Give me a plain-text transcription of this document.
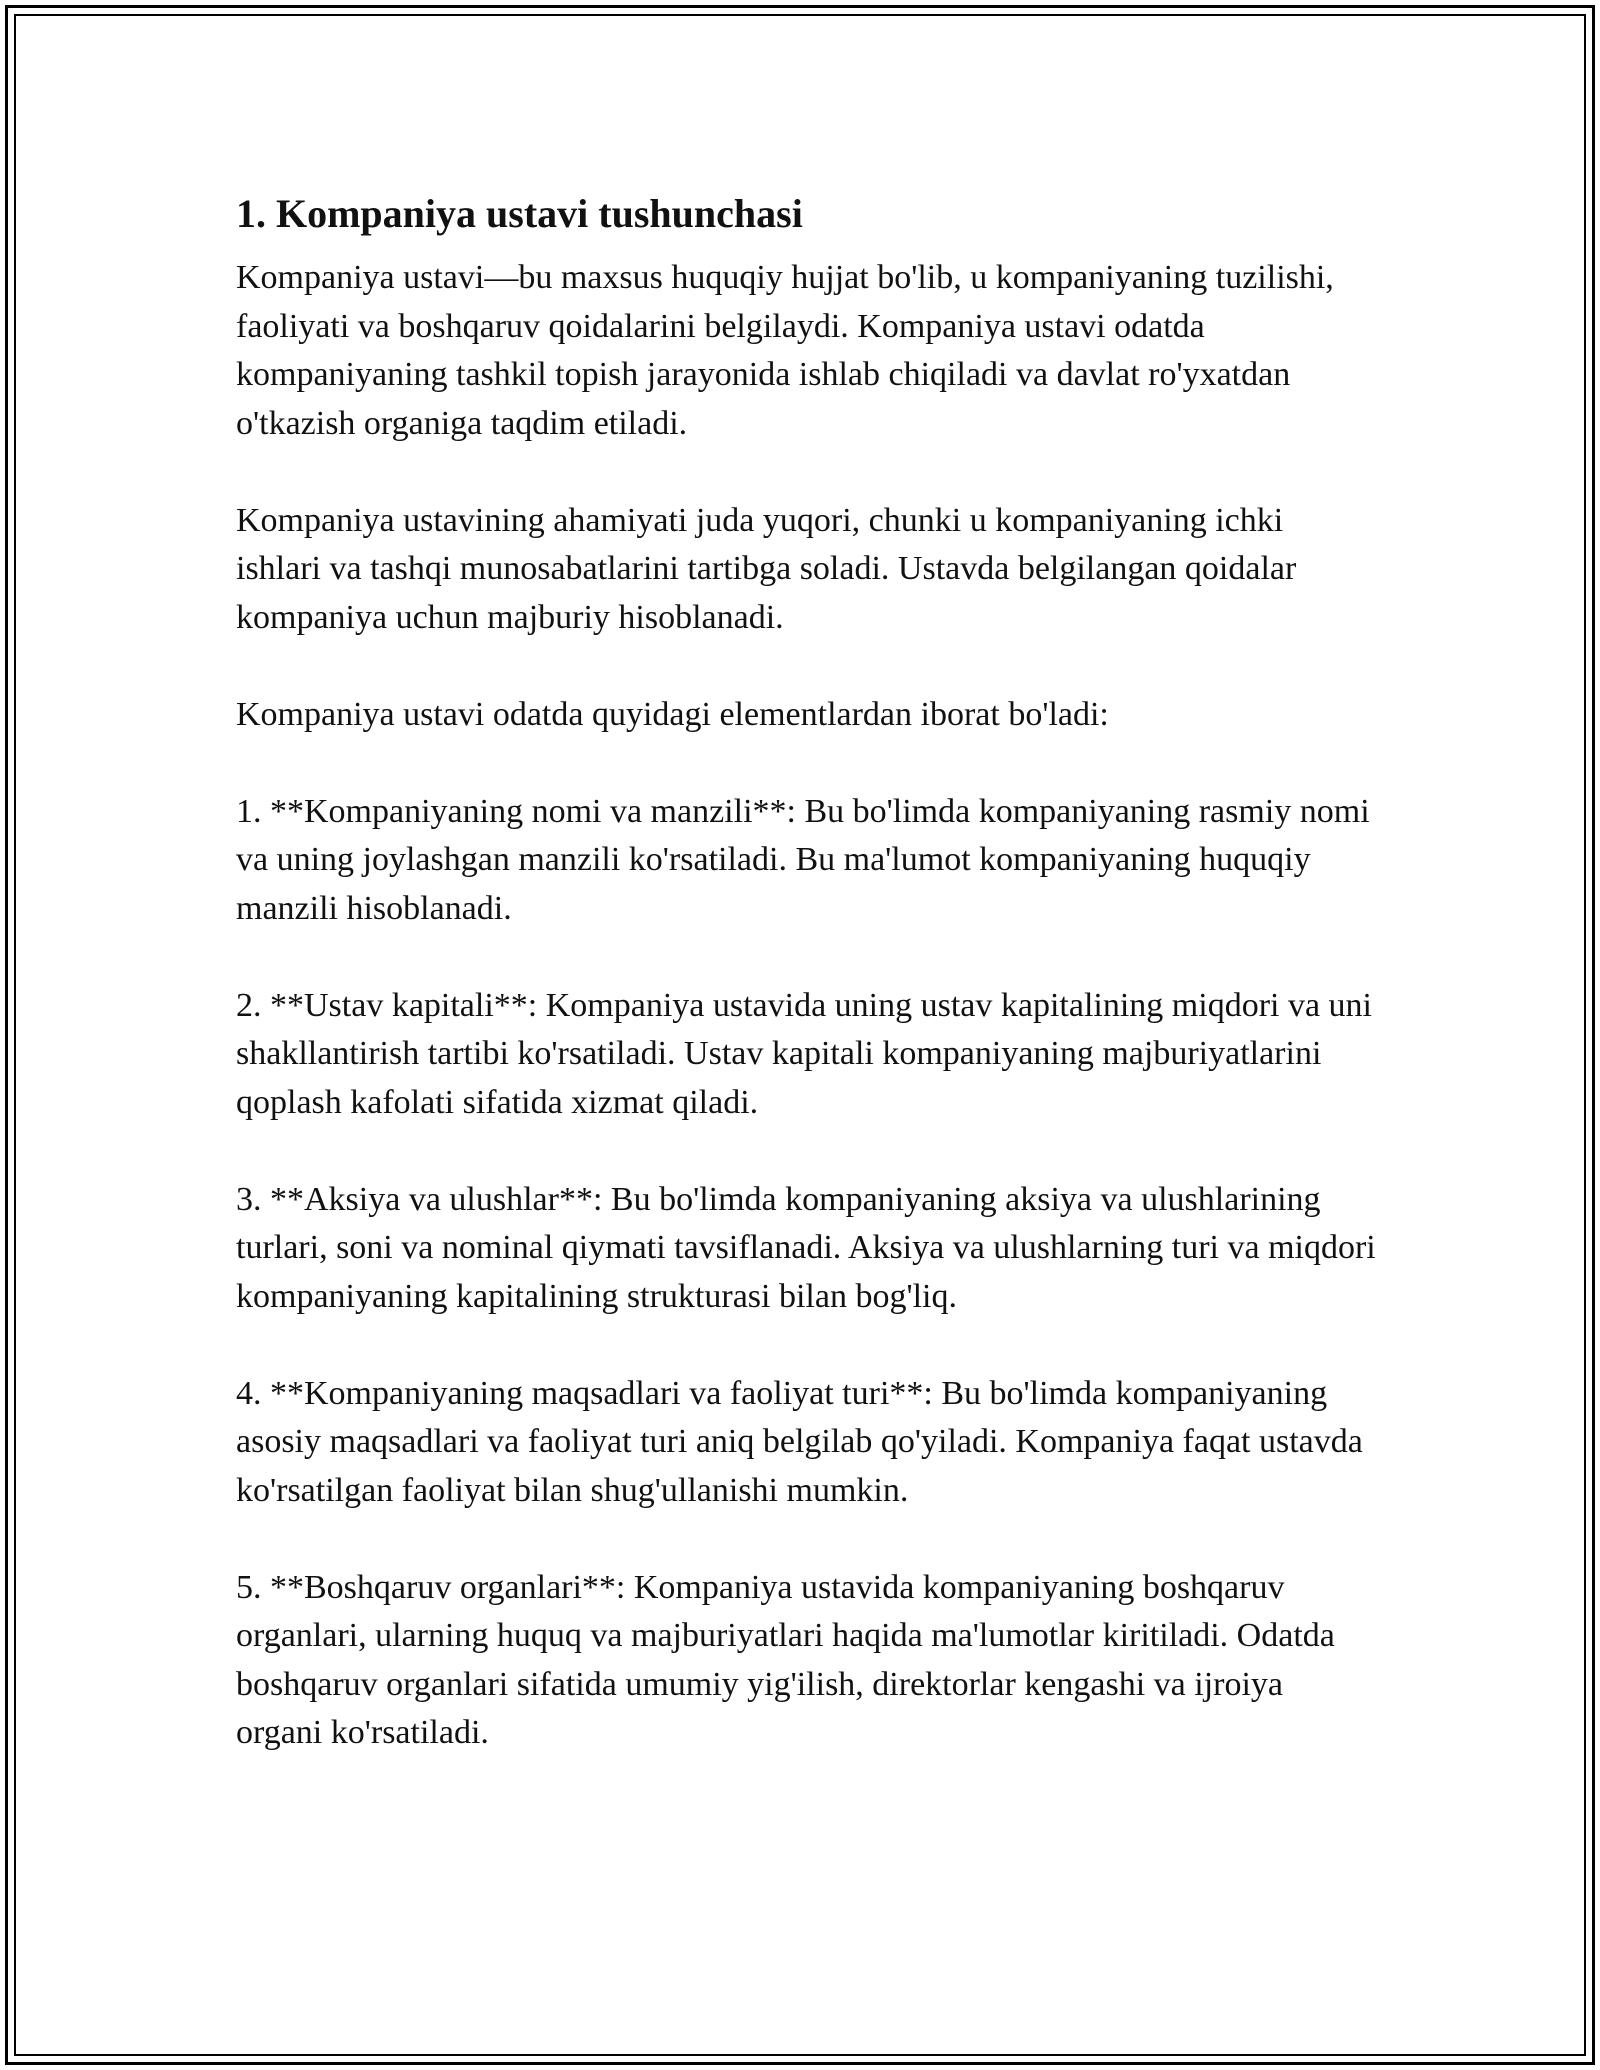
1. Kompaniya ustavi tushunchasi

Kompaniya ustavi—bu maxsus huquqiy hujjat bo'lib, u kompaniyaning tuzilishi, faoliyati va boshqaruv qoidalarini belgilaydi. Kompaniya ustavi odatda kompaniyaning tashkil topish jarayonida ishlab chiqiladi va davlat ro'yxatdan o'tkazish organiga taqdim etiladi.

Kompaniya ustavining ahamiyati juda yuqori, chunki u kompaniyaning ichki ishlari va tashqi munosabatlarini tartibga soladi. Ustavda belgilangan qoidalar kompaniya uchun majburiy hisoblanadi.

Kompaniya ustavi odatda quyidagi elementlardan iborat bo'ladi:

1. **Kompaniyaning nomi va manzili**: Bu bo'limda kompaniyaning rasmiy nomi va uning joylashgan manzili ko'rsatiladi. Bu ma'lumot kompaniyaning huquqiy manzili hisoblanadi.

2. **Ustav kapitali**: Kompaniya ustavida uning ustav kapitalining miqdori va uni shakllantirish tartibi ko'rsatiladi. Ustav kapitali kompaniyaning majburiyatlarini qoplash kafolati sifatida xizmat qiladi.

3. **Aksiya va ulushlar**: Bu bo'limda kompaniyaning aksiya va ulushlarining turlari, soni va nominal qiymati tavsiflanadi. Aksiya va ulushlarning turi va miqdori kompaniyaning kapitalining strukturasi bilan bog'liq.

4. **Kompaniyaning maqsadlari va faoliyat turi**: Bu bo'limda kompaniyaning asosiy maqsadlari va faoliyat turi aniq belgilab qo'yiladi. Kompaniya faqat ustavda ko'rsatilgan faoliyat bilan shug'ullanishi mumkin.

5. **Boshqaruv organlari**: Kompaniya ustavida kompaniyaning boshqaruv organlari, ularning huquq va majburiyatlari haqida ma'lumotlar kiritiladi. Odatda boshqaruv organlari sifatida umumiy yig'ilish, direktorlar kengashi va ijroiya organi ko'rsatiladi.
